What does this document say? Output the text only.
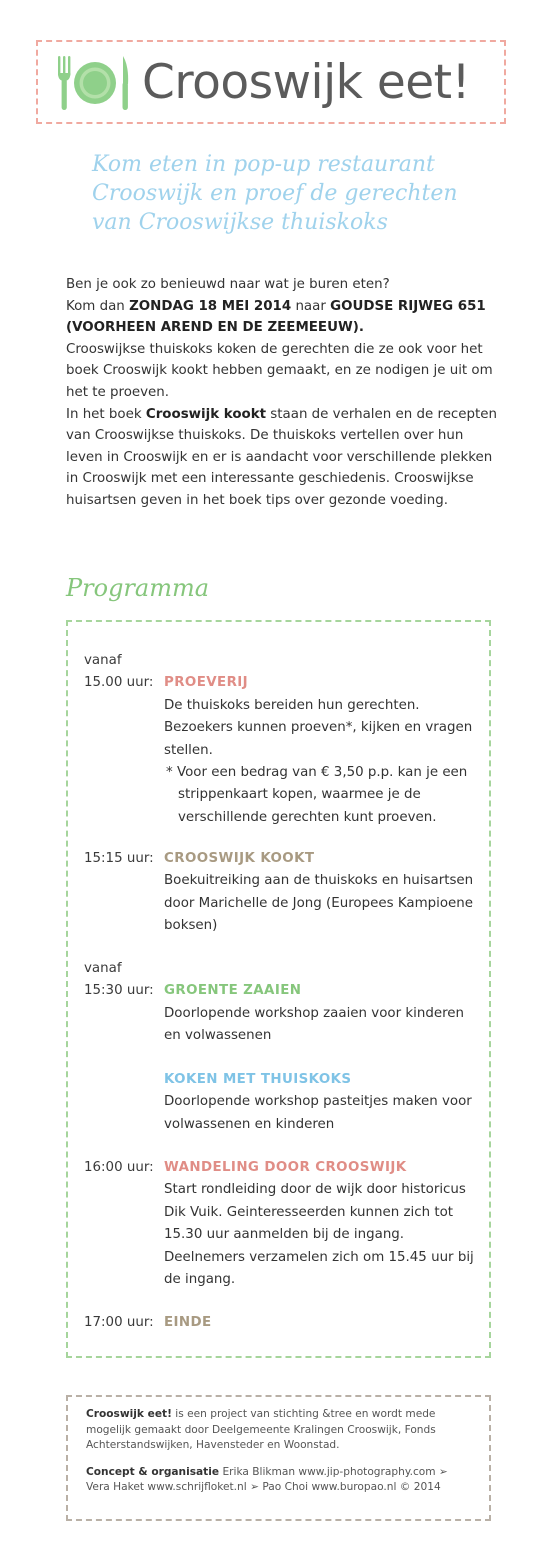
Crooswijk eet!
Kom eten in pop-up restaurant
Crooswijk en proef de gerechten
van Crooswijkse thuiskoks

Ben je ook zo benieuwd naar wat je buren eten?

Kom dan ZONDAG 18 MEI 2014 naar GOUDSE RIJWEG 651 (VOORHEEN AREND EN DE ZEEMEEUW).

Crooswijkse thuiskoks koken de gerechten die ze ook voor het boek Crooswijk kookt hebben gemaakt, en ze nodigen je uit om het te proeven.

In het boek Crooswijk kookt staan de verhalen en de recepten van Crooswijkse thuiskoks. De thuiskoks vertellen over hun leven in Crooswijk en er is aandacht voor verschillende plekken in Crooswijk met een interessante geschiedenis. Crooswijkse huisartsen geven in het boek tips over gezonde voeding.

Programma
vanaf
15.00 uur: PROEVERIJ
De thuiskoks bereiden hun gerechten. Bezoekers kunnen proeven*, kijken en vragen stellen.
* Voor een bedrag van € 3,50 p.p. kan je een strippenkaart kopen, waarmee je de verschillende gerechten kunt proeven.
15:15 uur: CROOSWIJK KOOKT
Boekuitreiking aan de thuiskoks en huisartsen door Marichelle de Jong (Europees Kampioene boksen)
vanaf
15:30 uur: GROENTE ZAAIEN
Doorlopende workshop zaaien voor kinderen en volwassenen
KOKEN MET THUISKOKS
Doorlopende workshop pasteitjes maken voor volwassenen en kinderen
16:00 uur: WANDELING DOOR CROOSWIJK
Start rondleiding door de wijk door historicus Dik Vuik. Geinteresseerden kunnen zich tot 15.30 uur aanmelden bij de ingang. Deelnemers verzamelen zich om 15.45 uur bij de ingang.
17:00 uur: EINDE

Crooswijk eet! is een project van stichting &tree en wordt mede mogelijk gemaakt door Deelgemeente Kralingen Crooswijk, Fonds Achterstandswijken, Havensteder en Woonstad.

Concept & organisatie Erika Blikman www.jip-photography.com ➢ Vera Haket www.schrijfloket.nl ➢ Pao Choi www.buropao.nl © 2014
